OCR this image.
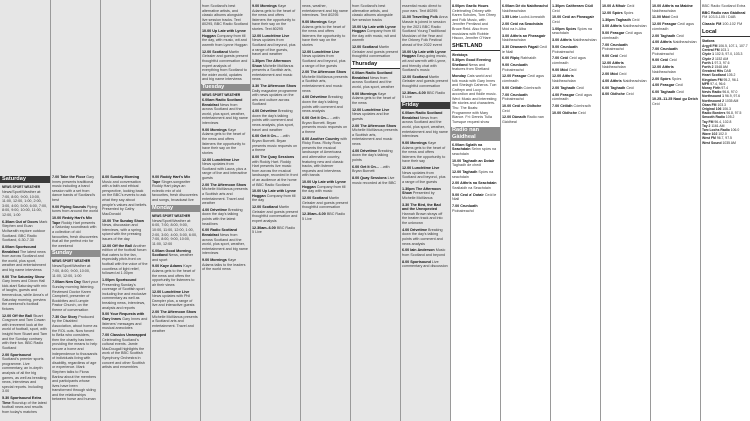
Saturday
NEWS SPORT WEATHER
News/Sport/Weather at: 7:00, 8:00, 9:00, 10:00, 11:00, 12:00, 1:00, 2:00, 3:00, 4:00, 5:00, 6:00, 7:00, 8:00, 9:00, 10:00, 11:00, 12:00, 1:00
6.30am Out of Doors Mark Stephen and Euan McIlwraith explore outdoor Scotland. BBC Radio Scotland, 6.30-7.30
8.00am Sportsound Breakfast The latest news from across Scotland and the world, plus sport, weather and entertainment and big name interviews
9.00 The Saturday Show Gary Innes and Dixon Hall kick-start Saturday with mix of laughs, guests and tremendous, while Anna's of Saturday morning, preview the weekend's football fixtures
12.00 Off the Ball Stuart Cosgrove and Tam Cowan with irreverent look at the world of football, sport, with insight from Stuart and Tam and the Sunday contrary with their fun. BBC Radio Scotland
2.00 Sportsound Scotland's premier sports programme. Live commentary, an in-depth analysis of all the big games, as well as breaking news, interviews and special reports. Including 3.00
5.30 Sportsound Extra Time Roundup of the latest football news and results from today's matches
7.00 Take the Floor Gary Innes presents traditional music including a band session with a set from dance bands of Scotland's best
9.00 Piping Sounds Piping tunes from around the world
10.00 Reddy Hart's Mix Tape Roddy Hart presents a Saturday soundtrack with a collection of old favourites, fresh discoveries that all the perfect mix for the weekend
Sunday
NEWS SPORT WEATHER
News/Sport/Weather at: 7:00, 8:00, 9:00, 10:00, 11:00, 12:00, 1:00
7.00am New Day Start your Sunday morning listening. Reviewed Doctor Karen Campbell, presenter of Bookbites and Lumpie Pastor Church, on the theme of conversation
7.30 Our Story Produced by the Disabled Association, about home as the ROL outs. Now forced to Bella who considers, then the charity has been providing the means to help secure a home and independence to thousands of individuals living with disability, regardless of age or experience. Mark Stephen talks to Fiona Barlow about the members and participants whose lives have been transformed through skiing and the relationships between horse and human
8.00 Sunday Morning Music and conversation with a faith and ethical perspective, looking back on the BBC's events to ask what they say about people's values and beliefs. Presented by Cathy MacDonald
10.00 The Sunday Show News, discussion and interviews, with a spring spiced with the pressing issues of the day
12.00 Off the Ball Another edition of the football forum that caters to the fan, especially pitch-front on football with the voice of the countless of light relief, followed at 1.00pm
1.00pm Sportsound Presenting Sunday's coverage of Scottish sport including live and exclusive commentary as well as breaking news, interviews, analysis and reports
5.00 Your Requests with Gary Innes Gary Innes and listeners' messages and musical anecdotes
7.00 Classics Unwrapped Celebrating Scotland's cultural events. Jamie MacDougall highlights the work of the BBC Scottish Symphony Orchestra in concert and other Scottish artists and ensembles
9.00 Roddy Hart's Mix Tape Singer-songwriter Roddy Hart plays an eclectic mix of old favourites, fresh discoveries and songs, broadcast live
Monday
NEWS SPORT WEATHER
News/Sport/Weather at: 6:00, 7:00, 8:00, 9:00, 10:00, 11:00, 12:00, 1:00, 2:00, 3:00, 4:00, 5:00, 6:00, 7:00, 8:00, 9:00, 10:00, 11:00, 12:00
6.00am Good Morning Scotland News, weather and sport
9.00 Kaye Adams Kaye Adams gets to the heart of the news and offers the opportunity for listeners to air their views
12.00 Lunchtime Live News updates with Phil Dampier plus, a range of live and interactive guests
2.00 The Afternoon Show Michelle McManus presents a Scotland arts and entertainment. Travel and weather
from Scotland's best alternative artists, and classic albums alongside live session tracks. Text 80295, BBC Radio Scotland
10.00 Up Late with Lynne Hoggan Company from till the day, with music, wit and warmth from Lynne Hoggan
12.00 Scotland Martin Geissler and guests present thoughtful conversation and expert analysis of everything from Scotland to the wider world, updates and big name interviews
Tuesday
NEWS SPORT WEATHER
6.00am Radio Scotland Breakfast News from across Scotland and the world, plus sport, weather, entertainment and big name interviews
9.00 Mornings Kaye Adams gets to the heart of the news and offers listeners the opportunity to have their say on the stories
12.00 Lunchtime Live News updates from Scotland with Laura, plus a range of live and interactive guests
2.00 The Afternoon Show Michelle McManus presents a Scottish arts and entertainment. Travel and weather
4.00 Drivetime Breaking down the day's talking points with the latest headlines
6.00 Radio Scotland Breakfast News from across Scotland and the world, plus sport, weather, entertainment and big name interviews
9.00 Mornings Kaye Adams talks to the leaders of the world news
9.00 Mornings Kaye Adams gets to the heart of the news and offers listeners the opportunity to have their say on the stories. Text 80295
12.00 Lunchtime Live News updates from Scotland and beyond, plus a range of live guests, travel and weather
1.30pm The Afternoon Show Michelle McManus presents a Scottish arts, entertainment and music news
3.30 The Afternoon Show Daily magazine programme with news updates on the arts and culture across Scotland
4.00 Drivetime Breaking down the day's talking points with comment and news analysis, plus sport, travel and weather
6.00 Get It On... ...with Bryan Burnett. Bryan presents music requests on a theme
8.00 The Quay Sessions with Roddy Hart. Roddy Hart presents live music from across the musical landscape, recorded in front of an audience at the home of BBC Radio Scotland
10.00 Up Late with Lynne Hoggan Company from till the day
12.00 Scotland Martin Geissler and guests present thoughtful conversation and expert analysis
12.30am–6.00 BBC Radio 5 Live
news, weather, entertainment and big name interviews. Text 80295
9.00 Mornings Kaye Adams gets to the heart of the news and offers listeners the opportunity to have their say on the stories
12.00 Lunchtime Live News updates from Scotland and beyond, plus a range of live guests
2.00 The Afternoon Show Michelle McManus presents a Scottish arts, entertainment and music news
4.00 Drivetime Breaking down the day's talking points with comment and news analysis
6.00 Get It On... ...with Bryan Burnett. Bryan presents music requests on a theme
8.00 Another Country with Ricky Ross. Ricky Ross presents the musical landscape of Americana and alternative country, featuring new and classic tracks, with listener requests and interviews with bands
10.00 Up Late with Lynne Hoggan Company from till the day with music
12.00 Scotland Martin Geissler and guests present thoughtful conversation
12.30am–6.00 BBC Radio 5 Live
from Scotland's best alternative artists, and classic albums alongside live session tracks
10.00 Up Late with Lynne Hoggan Company from till the day with music, wit and warmth
12.00 Scotland Martin Geissler and guests present thoughtful conversation
Thursday
6.00am Radio Scotland Breakfast News from across Scotland and the world, plus sport, weather
9.00 Mornings Kaye Adams gets to the heart of the news
12.00 Lunchtime Live News updates and live guests
2.00 The Afternoon Show Michelle McManus presents a Scottish arts, entertainment and music news
4.00 Drivetime Breaking down the day's talking points
6.00 Get It On... ...with Bryan Burnett
8.00 Quay Sessions Live music recorded at the BBC
essential music direct to your ears. Text 80295
11.00 Travelling Folk Anna Massie is joined in session by the 2021 BBC Radio Scotland Young Traditional Musician of the Year and the Orkney Folk Festival ahead of the 2022 event
10.00 Up Late with Lynne Hoggan Easy-going music, wit and warmth with Lynne, and friendly chat with Scotland's music
12.00 Scotland Martin Geissler and guests present thoughtful conversation
12.30am–6.00 BBC Radio 5 Live
Friday
6.00am Radio Scotland Breakfast News from across Scotland and the world, plus sport, weather, entertainment and big name interviews
9.00 Mornings Kaye Adams gets to the heart of the news and offers listeners the opportunity to have their say
12.00 Lunchtime Live News updates from Scotland and beyond, plus a range of live guests
1.30pm The Afternoon Show Presented by Michelle McManus
3.30 The Bird, the Bad and the Unexpected Hannah Brown strays off the beaten track and into the unknown
4.00 Drivetime Breaking down the day's talking points with comment and news analysis
6.00 Iain Anderson Music from Scotland and beyond
8.00 Sportsound Live commentary and discussion
8.00pm Gaelic Hours Celebrating Orkney with Karen Scholes, Tom Ohrey and Folk Music, with Jennifer Pentland and Bruce Reid. Also from musicians with Robbie Hiscox, Jennifer O'Hare
SHETLAND
Weekdays
5.30pm Good Evening Shetland News and features from Shetland
Monday Cats world and folk music with Gary Innes and Shelagh Caheros. Tue: Cathryn and Lucy: accordion and fiddle music. Wed: Music and interesting life stories and characters. Thu: The Boats: Programme with Mary Blance. Fri: Dennis Tulla Tuesque request show
Radio nan Gàidheal
6.00am Sglath na Seachdain Seinn spòrs na seachdain
10.00 Taghadh an Dotair Taghadh de cheòl
12.00 Taghadh Spòrs na seachdain
2.00 Aithris na Seachdain Seallaidh na Seachdain
5.00 Ceol a' Dotair Ceòl le Niall
7.00 Crunluath Pìobaireachd
6.00am Dè do Naidheachd Naidheachdan
1.55 Ltrie Luchd-Iomraidh
2.00 Ceòl na Seachdain Mòd na h-Alba
3.00 Aithris an Fheasgair Naidheachdan
3.30 Dèanamh Fàgail Ceòl le Niall
6.00 Ripiq Rabhaidh
9.00 Crunluath Pìobaireachd
12.00 Feasgar Ceòl agus còmhradh
5.00 Cèilidh Còmhradh
7.00 Crunluath Pìobaireachd
10.00 Ceòl an Oidhche Ceòl
12.00 Dùnadh Radio nan Gàidheal
1.30pm Caithream Ciùil Ceòl
10.00 Ceòl an Fheasgair Ceòl
1.00pm Spòrs Spòrs na seachdain
3.00 Aithris Naidheachdan
5.00 Crunluath Pìobaireachd
7.00 Ceòl Ceòl agus còmhradh
9.00 Mòd Ceòl
12.00 Aithris Naidheachdan
2.00 Taghadh Ceòl
4.00 Feasgar Ceòl agus còmhradh
7.00 Cèilidh Còmhradh
10.00 Oidhche Ceòl
10.00 A Mhuir Ceòl
12.00 Spòrs Spòrs
1.30pm Taghadh Ceòl
3.00 Aithris Naidheachdan
5.00 Feasgar Ceòl agus còmhradh
7.00 Crunluath Pìobaireachd
9.00 Ceòl Ceòl
12.00 Aithris Naidheachdan
2.00 Mòd Ceòl
4.00 Aithris Naidheachdan
6.00 Taghadh Ceòl
8.00 Oidhche Ceòl
10.00 Aithris na Maidne Naidheachdan
11.00 Mòd Ceòl
12.00 Feasgar Ceòl agus còmhradh
2.00 Taghadh Ceòl
4.00 Aithris Naidheachdan
7.00 Crunluath Pìobaireachd
9.00 Ceòl Ceòl
12.00 Aithris Naidheachdan
2.00 Spòrs Spòrs
4.00 Feasgar Ceòl
6.00 Taghadh Ceòl
10.25–11.25 Naoi gu Deich Ceòl
BBC Radio Scotland Extra
BBC Radio nan Gàidheal FM 103.5-105 / DAB
Classic FM 100-102 FM
Local
Stations
Argyll FM 106.5, 107.1, 107.7
Central FM 103.1
Clyde 1 102.5, 97.0, 103.3
Clyde 2 1152 AM
Forth 1 97.3, 97.6
Forth 2 1548 AM
Greatest Hits DAB
Heart Scotland 105.2
Kingdom FM 95.2, 96.1
MFR 97.4, 96.6
Moray Firth 97.4
Nevis Radio 96.6, 97.0
Northsound 1 96.9, 97.6
Northsound 2 1035 AM
Oban FM 103.3
Original 106 106.3
Radio Borders 96.8, 97.5
Smooth Radio 105.2
Tay FM 96.4, 102.8
Tay 2 1161 AM
Two Lochs Radio 106.0
Wave 102 102.0
West FM 96.7, 97.5
West Sound 1035 AM
